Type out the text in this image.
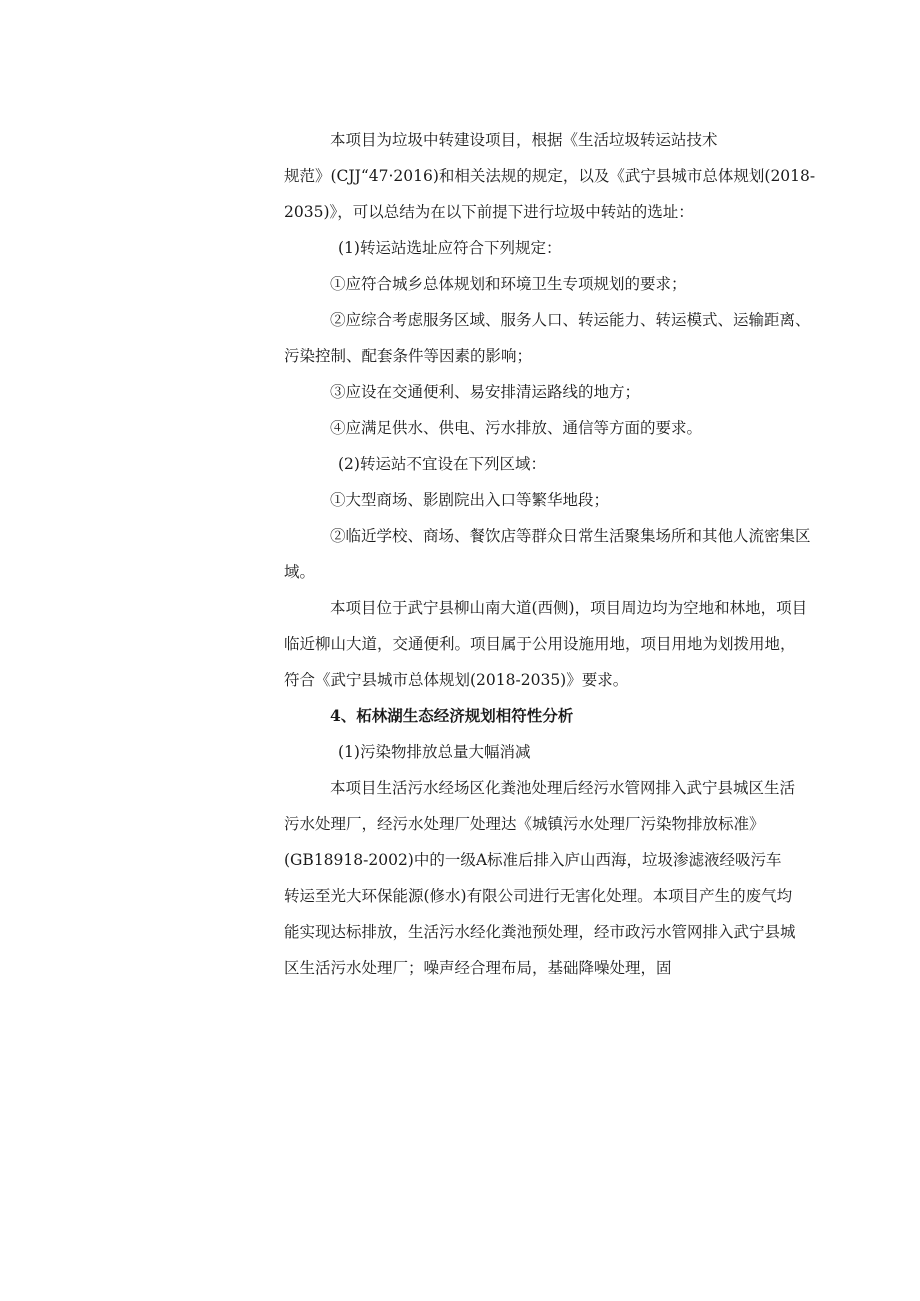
本项目为垃圾中转建设项目，根据《生活垃圾转运站技术
规范》(CJJ“47·2016)和相关法规的规定，以及《武宁县城市总体规划(2018-
2035)》，可以总结为在以下前提下进行垃圾中转站的选址：
(1)转运站选址应符合下列规定：
①应符合城乡总体规划和环境卫生专项规划的要求；
②应综合考虑服务区域、服务人口、转运能力、转运模式、运输距离、
污染控制、配套条件等因素的影响；
③应设在交通便利、易安排清运路线的地方；
④应满足供水、供电、污水排放、通信等方面的要求。
(2)转运站不宜设在下列区域：
①大型商场、影剧院出入口等繁华地段；
②临近学校、商场、餐饮店等群众日常生活聚集场所和其他人流密集区
域。
本项目位于武宁县柳山南大道(西侧)，项目周边均为空地和林地，项目
临近柳山大道，交通便利。项目属于公用设施用地，项目用地为划拨用地，
符合《武宁县城市总体规划(2018-2035)》要求。
4、柘林湖生态经济规划相符性分析
(1)污染物排放总量大幅消减
本项目生活污水经场区化粪池处理后经污水管网排入武宁县城区生活
污水处理厂，经污水处理厂处理达《城镇污水处理厂污染物排放标准》
(GB18918-2002)中的一级A标准后排入庐山西海，垃圾渗滤液经吸污车
转运至光大环保能源(修水)有限公司进行无害化处理。本项目产生的废气均
能实现达标排放，生活污水经化粪池预处理，经市政污水管网排入武宁县城
区生活污水处理厂；噪声经合理布局，基础降噪处理，固
